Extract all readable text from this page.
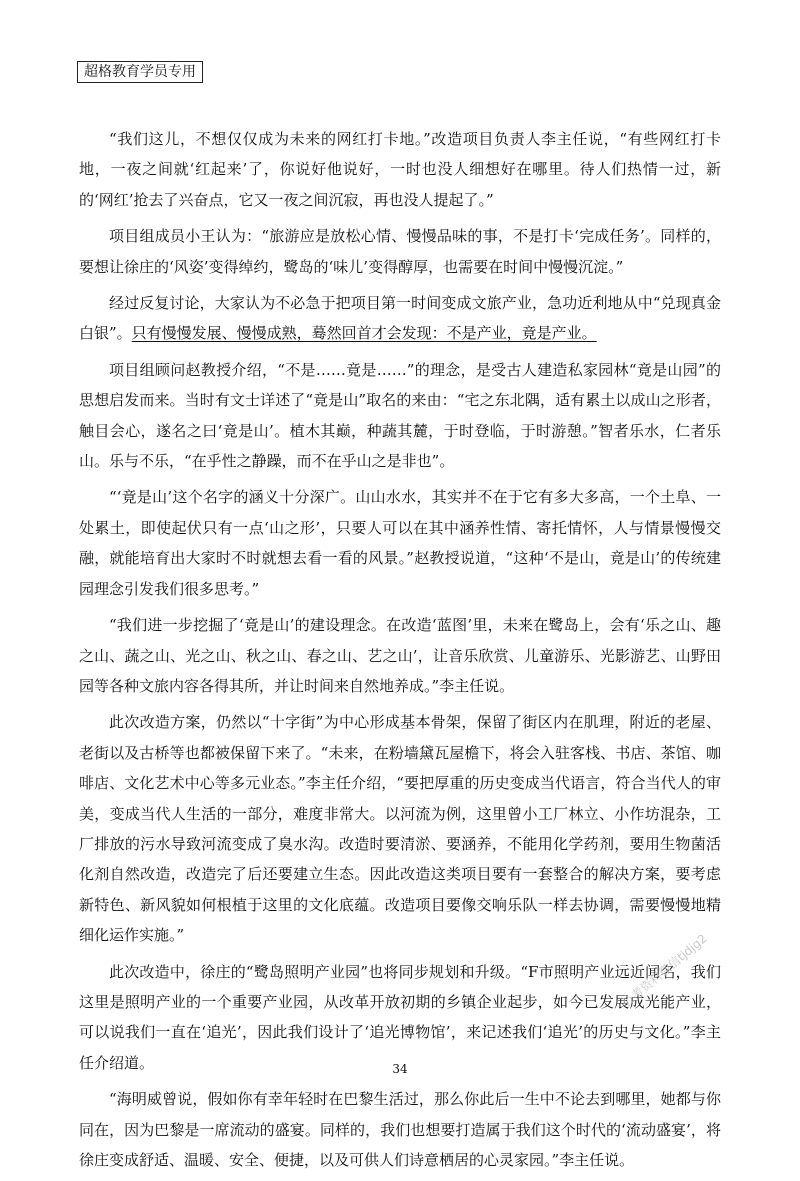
超格教育学员专用

“我们这儿，不想仅仅成为未来的网红打卡地。”改造项目负责人李主任说，“有些网红打卡地，一夜之间就‘红起来’了，你说好他说好，一时也没人细想好在哪里。待人们热情一过，新的‘网红’抢去了兴奋点，它又一夜之间沉寂，再也没人提起了。”

项目组成员小王认为：“旅游应是放松心情、慢慢品味的事，不是打卡‘完成任务’。同样的，要想让徐庄的‘风姿’变得绰约，鹭岛的‘味儿’变得醇厚，也需要在时间中慢慢沉淀。”

经过反复讨论，大家认为不必急于把项目第一时间变成文旅产业，急功近利地从中“兑现真金白银”。只有慢慢发展、慢慢成熟，蓦然回首才会发现：不是产业，竟是产业。

项目组顾问赵教授介绍，“不是……竟是……”的理念，是受古人建造私家园林“竟是山园”的思想启发而来。当时有文士详述了“竟是山”取名的来由：“宅之东北隅，适有累土以成山之形者，触目会心，遂名之曰‘竟是山’。植木其巅，种蔬其麓，于时登临，于时游憩。”智者乐水，仁者乐山。乐与不乐，“在乎性之静躁，而不在乎山之是非也”。

“‘竟是山’这个名字的涵义十分深广。山山水水，其实并不在于它有多大多高，一个土阜、一处累土，即使起伏只有一点‘山之形’，只要人可以在其中涵养性情、寄托情怀，人与情景慢慢交融，就能培育出大家时不时就想去看一看的风景。”赵教授说道，“这种‘不是山，竟是山’的传统建园理念引发我们很多思考。”

“我们进一步挖掘了‘竟是山’的建设理念。在改造‘蓝图’里，未来在鹭岛上，会有‘乐之山、趣之山、蔬之山、光之山、秋之山、春之山、艺之山’，让音乐欣赏、儿童游乐、光影游艺、山野田园等各种文旅内容各得其所，并让时间来自然地养成。”李主任说。

此次改造方案，仍然以“十字街”为中心形成基本骨架，保留了街区内在肌理，附近的老屋、老街以及古桥等也都被保留下来了。“未来，在粉墙黛瓦屋檐下，将会入驻客栈、书店、茶馆、咖啡店、文化艺术中心等多元业态。”李主任介绍，“要把厚重的历史变成当代语言，符合当代人的审美，变成当代人生活的一部分，难度非常大。以河流为例，这里曾小工厂林立、小作坊混杂，工厂排放的污水导致河流变成了臭水沟。改造时要清淤、要涵养，不能用化学药剂，要用生物菌活化剂自然改造，改造完了后还要建立生态。因此改造这类项目要有一套整合的解决方案，要考虑新特色、新风貌如何根植于这里的文化底蕴。改造项目要像交响乐队一样去协调，需要慢慢地精细化运作实施。”

此次改造中，徐庄的“鹭岛照明产业园”也将同步规划和升级。“F市照明产业远近闻名，我们这里是照明产业的一个重要产业园，从改革开放初期的乡镇企业起步，如今已发展成光能产业，可以说我们一直在‘追光’，因此我们设计了‘追光博物馆’，来记述我们‘追光’的历史与文化。”李主任介绍道。

“海明威曾说，假如你有幸年轻时在巴黎生活过，那么你此后一生中不论去到哪里，她都与你同在，因为巴黎是一席流动的盛宴。同样的，我们也想要打造属于我们这个时代的‘流动盛宴’，将徐庄变成舒适、温暖、安全、便捷，以及可供人们诗意栖居的心灵家园。”李主任说。

公考资料微信tjdjg2
34
